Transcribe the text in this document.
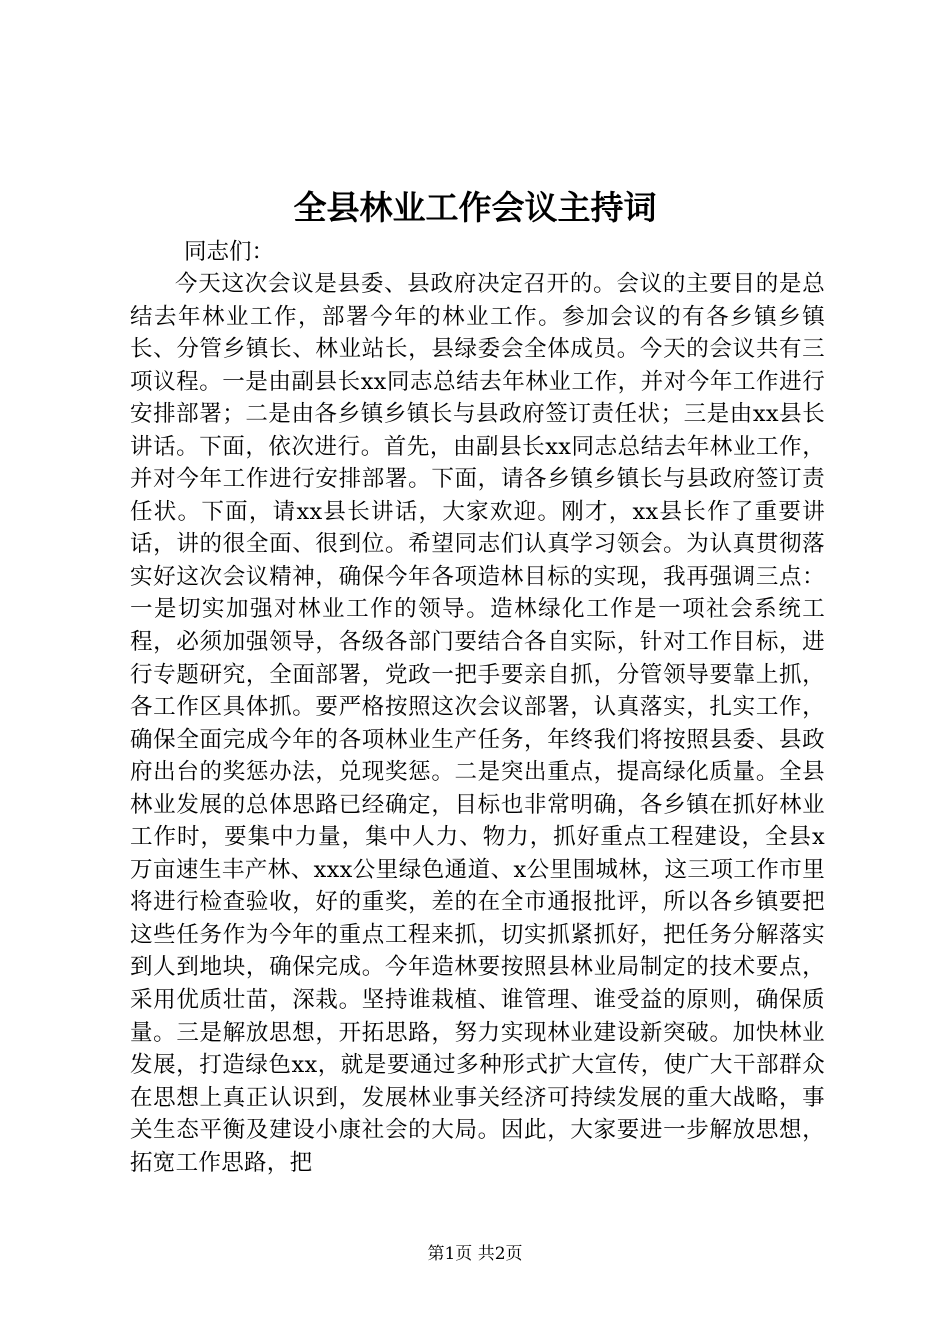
全县林业工作会议主持词

同志们：

今天这次会议是县委、县政府决定召开的。会议的主要目的是总结去年林业工作，部署今年的林业工作。参加会议的有各乡镇乡镇长、分管乡镇长、林业站长，县绿委会全体成员。今天的会议共有三项议程。一是由副县长xx同志总结去年林业工作，并对今年工作进行安排部署；二是由各乡镇乡镇长与县政府签订责任状；三是由xx县长讲话。下面，依次进行。首先，由副县长xx同志总结去年林业工作，并对今年工作进行安排部署。下面，请各乡镇乡镇长与县政府签订责任状。下面，请xx县长讲话，大家欢迎。刚才，xx县长作了重要讲话，讲的很全面、很到位。希望同志们认真学习领会。为认真贯彻落实好这次会议精神，确保今年各项造林目标的实现，我再强调三点：一是切实加强对林业工作的领导。造林绿化工作是一项社会系统工程，必须加强领导，各级各部门要结合各自实际，针对工作目标，进行专题研究，全面部署，党政一把手要亲自抓，分管领导要靠上抓，各工作区具体抓。要严格按照这次会议部署，认真落实，扎实工作，确保全面完成今年的各项林业生产任务，年终我们将按照县委、县政府出台的奖惩办法，兑现奖惩。二是突出重点，提高绿化质量。全县林业发展的总体思路已经确定，目标也非常明确，各乡镇在抓好林业工作时，要集中力量，集中人力、物力，抓好重点工程建设，全县x万亩速生丰产林、xxx公里绿色通道、x公里围城林，这三项工作市里将进行检查验收，好的重奖，差的在全市通报批评，所以各乡镇要把这些任务作为今年的重点工程来抓，切实抓紧抓好，把任务分解落实到人到地块，确保完成。今年造林要按照县林业局制定的技术要点，采用优质壮苗，深栽。坚持谁栽植、谁管理、谁受益的原则，确保质量。三是解放思想，开拓思路，努力实现林业建设新突破。加快林业发展，打造绿色xx，就是要通过多种形式扩大宣传，使广大干部群众在思想上真正认识到，发展林业事关经济可持续发展的重大战略，事关生态平衡及建设小康社会的大局。因此，大家要进一步解放思想，拓宽工作思路，把

第1页 共2页
